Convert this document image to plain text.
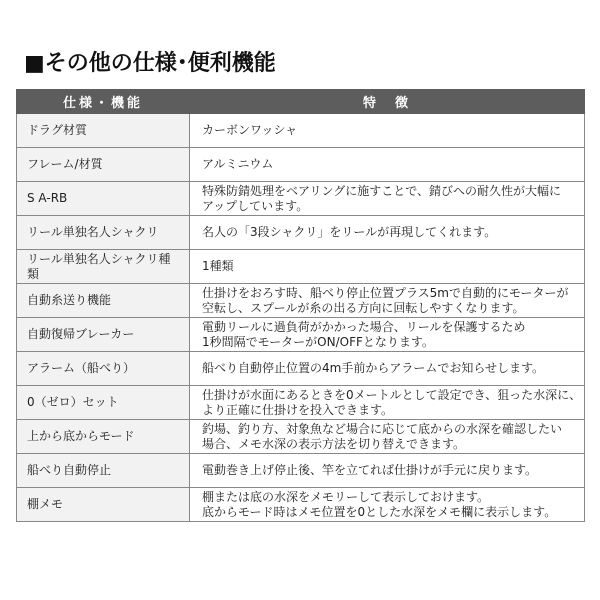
■その他の仕様･便利機能
仕様・機能	特　徴
ドラグ材質	カーボンワッシャ

フレーム/材質	アルミニウム

S A-RB	特殊防錆処理をベアリングに施すことで、錆びへの耐久性が大幅に
アップしています。

リール単独名人シャクリ	名人の「3段シャクリ」をリールが再現してくれます。

リール単独名人シャクリ種類	1種類

自動糸送り機能	仕掛けをおろす時、船べり停止位置プラス5mで自動的にモーターが
空転し、スプールが糸の出る方向に回転しやすくなります。

自動復帰ブレーカー	電動リールに過負荷がかかった場合、リールを保護するため
1秒間隔でモーターがON/OFFとなります。

アラーム（船べり）	船べり自動停止位置の4m手前からアラームでお知らせします。

0（ゼロ）セット	仕掛けが水面にあるときを0メートルとして設定でき、狙った水深に、
より正確に仕掛けを投入できます。

上から底からモード	釣場、釣り方、対象魚など場合に応じて底からの水深を確認したい
場合、メモ水深の表示方法を切り替えできます。

船べり自動停止	電動巻き上げ停止後、竿を立てれば仕掛けが手元に戻ります。

棚メモ	棚または底の水深をメモリーして表示しておけます。
底からモード時はメモ位置を0とした水深をメモ欄に表示します。
